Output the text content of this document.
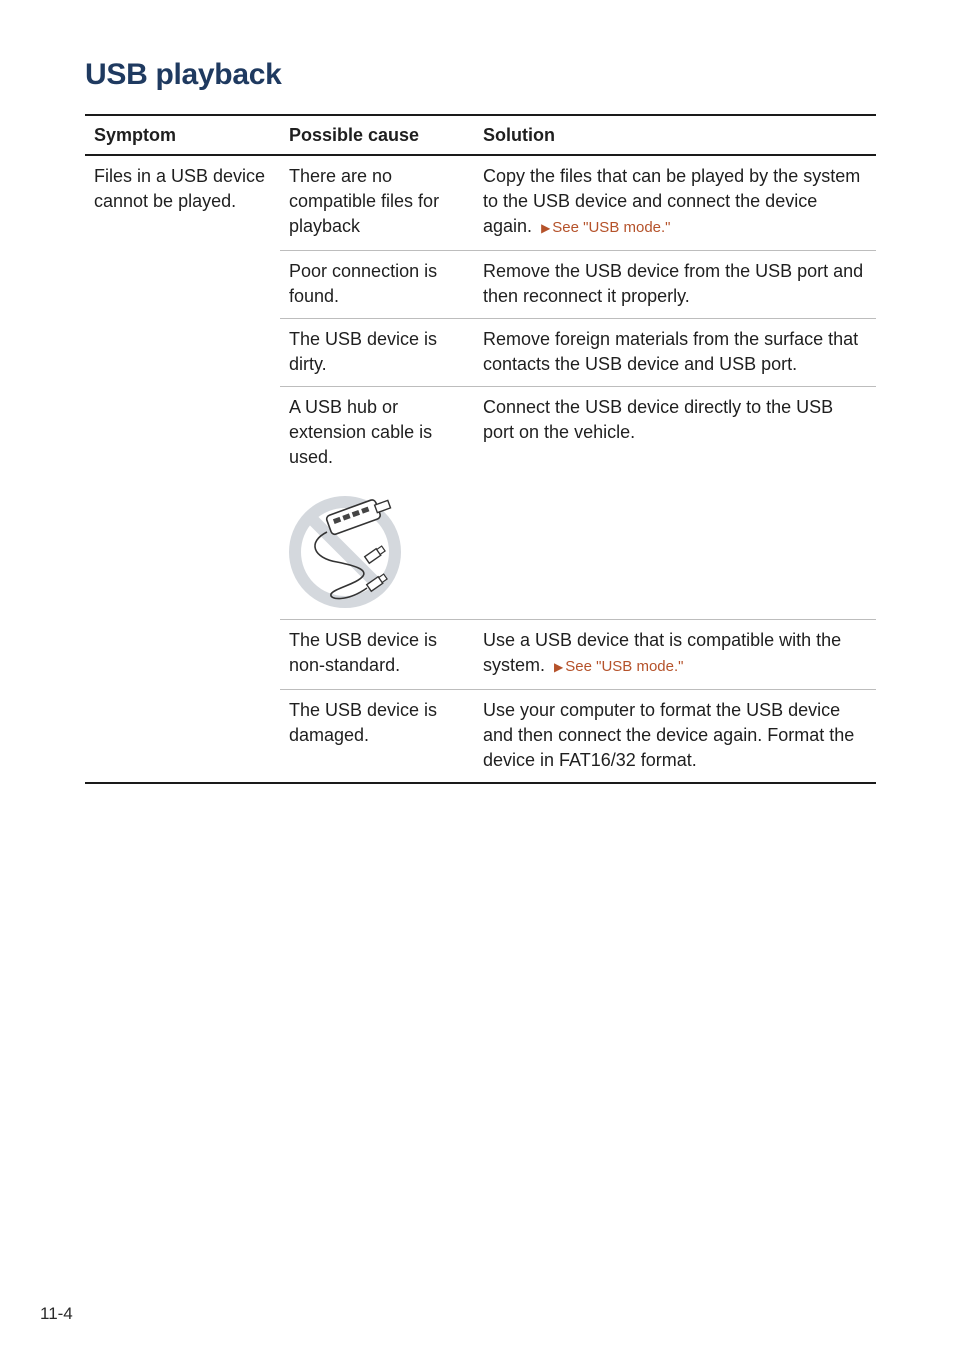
USB playback
Symptom	Possible cause	Solution
Files in a USB device cannot be played.
There are no compatible files for playback
Copy the files that can be played by the system to the USB device and connect the device again. ▶ See "USB mode."
Poor connection is found.
Remove the USB device from the USB port and then reconnect it properly.
The USB device is dirty.
Remove foreign materials from the surface that contacts the USB device and USB port.
A USB hub or extension cable is used.
Connect the USB device directly to the USB port on the vehicle.
The USB device is non-standard.
Use a USB device that is compatible with the system. ▶ See "USB mode."
The USB device is damaged.
Use your computer to format the USB device and then connect the device again. Format the device in FAT16/32 format.
11-4
